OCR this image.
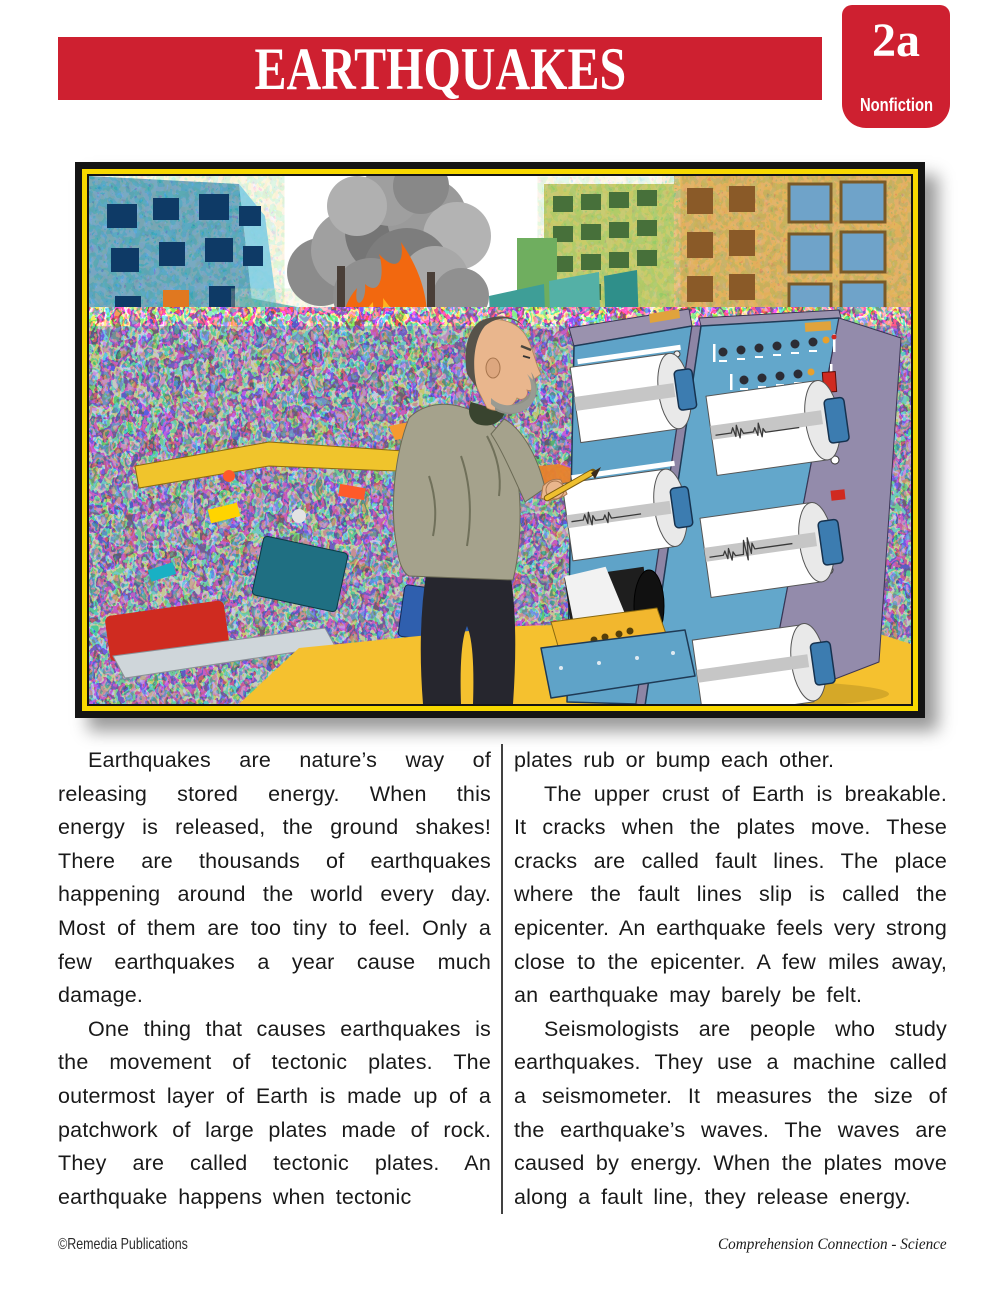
EARTHQUAKES	2a
Nonfiction

Earthquakes are nature’s way of releasing stored energy. When this energy is released, the ground shakes! There are thousands of earthquakes happening around the world every day. Most of them are too tiny to feel. Only a few earthquakes a year cause much damage.

One thing that causes earthquakes is the movement of tectonic plates. The outermost layer of Earth is made up of a patchwork of large plates made of rock. They are called tectonic plates. An earthquake happens when tectonic

plates rub or bump each other.

The upper crust of Earth is breakable. It cracks when the plates move. These cracks are called fault lines. The place where the fault lines slip is called the epicenter. An earthquake feels very strong close to the epicenter. A few miles away, an earthquake may barely be felt.

Seismologists are people who study earthquakes. They use a machine called a seismometer. It measures the size of the earthquake’s waves. The waves are caused by energy. When the plates move along a fault line, they release energy.

©Remedia Publications	Comprehension Connection - Science
